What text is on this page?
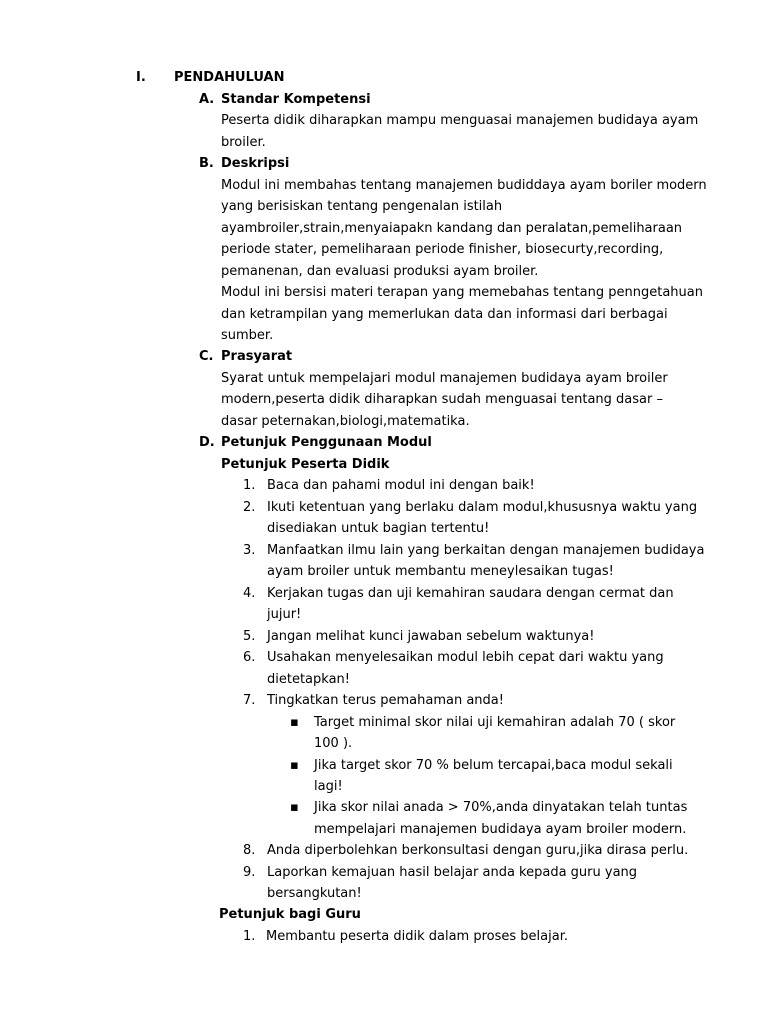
I. PENDAHULUAN
A. Standar Kompetensi
Peserta didik diharapkan mampu menguasai manajemen budidaya ayam
broiler.
B. Deskripsi
Modul ini membahas tentang manajemen budiddaya ayam boriler modern
yang berisiskan tentang pengenalan istilah
ayambroiler,strain,menyaiapakn kandang dan peralatan,pemeliharaan
periode stater, pemeliharaan periode finisher, biosecurty,recording,
pemanenan, dan evaluasi produksi ayam broiler.
Modul ini bersisi materi terapan yang memebahas tentang penngetahuan
dan ketrampilan yang memerlukan data dan informasi dari berbagai
sumber.
C. Prasyarat
Syarat untuk mempelajari modul manajemen budidaya ayam broiler
modern,peserta didik diharapkan sudah menguasai tentang dasar –
dasar peternakan,biologi,matematika.
D. Petunjuk Penggunaan Modul
Petunjuk Peserta Didik
1. Baca dan pahami modul ini dengan baik!
2. Ikuti ketentuan yang berlaku dalam modul,khususnya waktu yang
disediakan untuk bagian tertentu!
3. Manfaatkan ilmu lain yang berkaitan dengan manajemen budidaya
ayam broiler untuk membantu meneylesaikan tugas!
4. Kerjakan tugas dan uji kemahiran saudara dengan cermat dan
jujur!
5. Jangan melihat kunci jawaban sebelum waktunya!
6. Usahakan menyelesaikan modul lebih cepat dari waktu yang
dietetapkan!
7. Tingkatkan terus pemahaman anda!
▪ Target minimal skor nilai uji kemahiran adalah 70 ( skor
100 ).
▪ Jika target skor 70 % belum tercapai,baca modul sekali
lagi!
▪ Jika skor nilai anada > 70%,anda dinyatakan telah tuntas
mempelajari manajemen budidaya ayam broiler modern.
8. Anda diperbolehkan berkonsultasi dengan guru,jika dirasa perlu.
9. Laporkan kemajuan hasil belajar anda kepada guru yang
bersangkutan!
Petunjuk bagi Guru
1. Membantu peserta didik dalam proses belajar.
